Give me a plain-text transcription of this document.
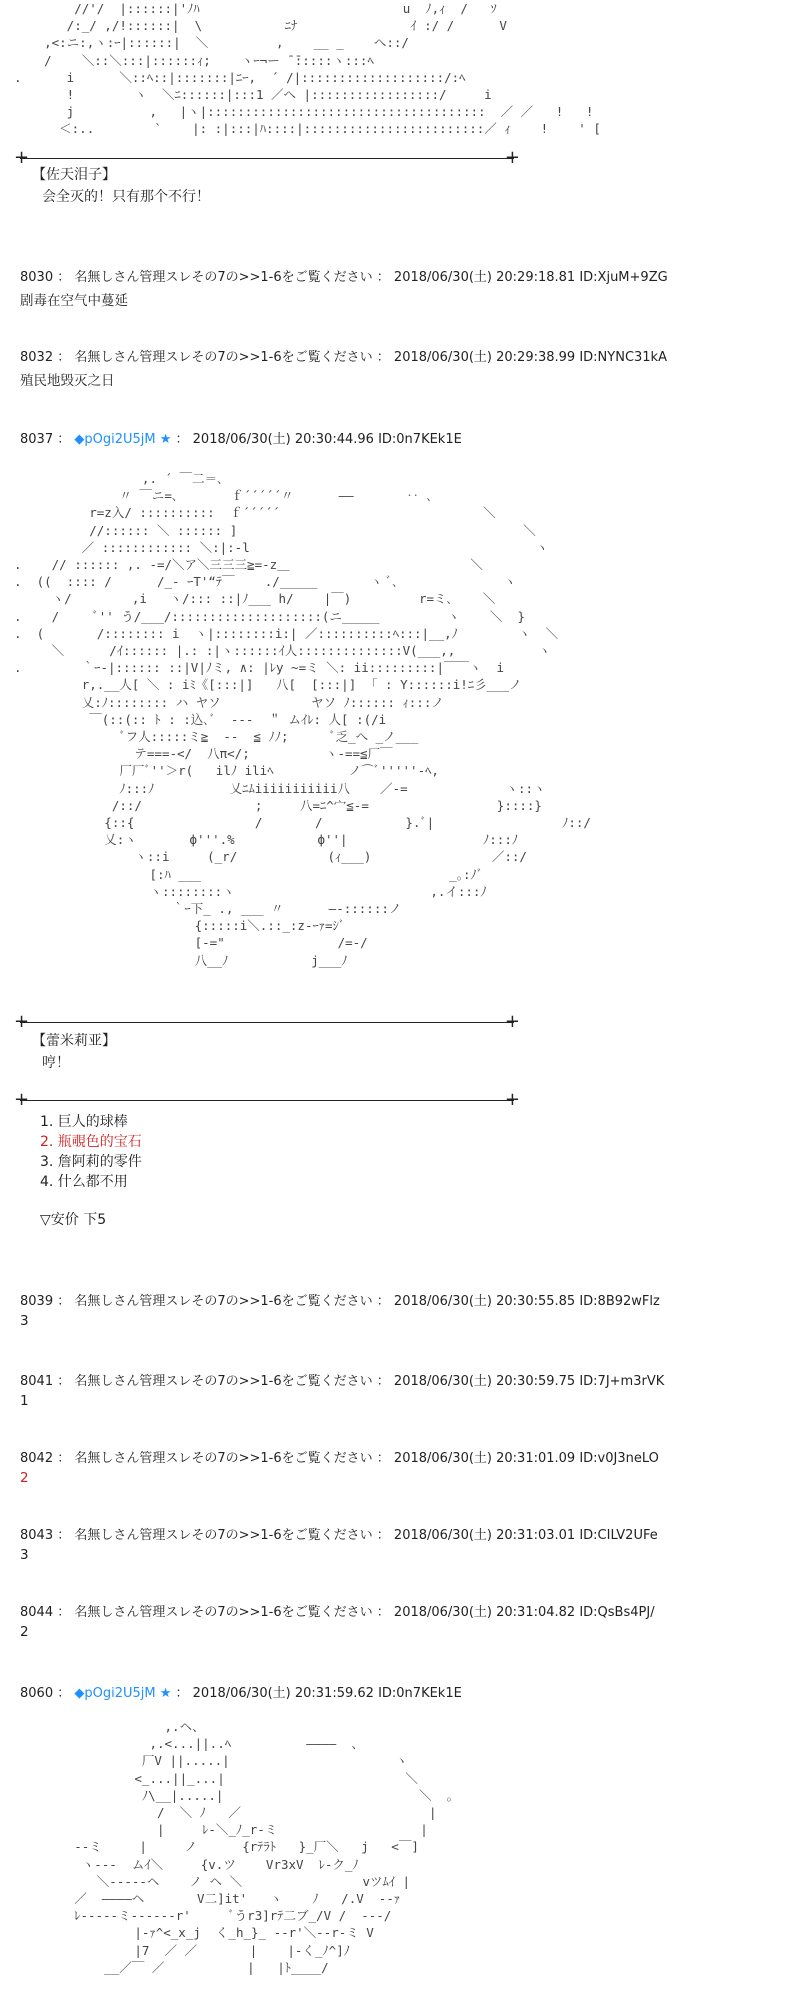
//'/  |::::::|'ﾉﾊ                           u  ﾉ,ｨ  /   ｿ
/:_/ ,/!::::::|  \           ﾆﾅ               ｲ :/ /      V
,<:ニ:,ヽ:ｰ|::::::|  ＼         ,    __ _    へ::/
/    ＼::＼:::|::::::ｨ;    ヽｰ¬ー ̄ ̄:::::ヽ:::ﾍ
.      i      ＼::ﾍ::|:::::::|ﾆｰ,  ´ /|:::::::::::::::::::/:ﾍ
!        ヽ  ＼ﾆ::::::|:::1 ／へ |:::::::::::::::::/     i
j          ,   |ヽ|:::::::::::::::::::::::::::::::::::::  ／ ／   !   !
＜:..        `    |: :|:::|ﾊ::::|::::::::::::::::::::::::／ ｨ    !    ' [
+ +
【佐天泪子】
会全灭的！只有那个不行！
8030 ： 名無しさん管理スレその7の>>1-6をご覧ください ： 2018/06/30(土) 20:29:18.81 ID:XjuM+9ZG
剧毒在空气中蔓延
8032 ： 名無しさん管理スレその7の>>1-6をご覧ください ： 2018/06/30(土) 20:29:38.99 ID:NYNC31kA
殖民地毁灭之日
8037 ： ◆pOgi2U5jM ★ ： 2018/06/30(土) 20:30:44.96 ID:0n7KEk1E
,. ´ ￣二＝､
〃 ￣ニ=､       ｆ´´´´´〃      ――       ‥ ､
r=z入/ ::::::::::  ｆ´´´´´                           ＼
//:::::: ＼ :::::: ]                                      ＼
／ :::::::::::: ＼:|:‐l                                      ヽ
.    // :::::: ,. ‐=/＼ア＼三三三≧=-z＿                        ＼
.  ((  :::: /      /_‐ ｰT'“ﾃ￣    ./_____       ヽ ﾞ､              ヽ
ヽ/        ,i   ヽ/::: ::|ﾉ___ h/    |￣)         r=ミ､    ＼
.    /     ﾞ'' う/___/::::::::::::::::::::(ニ_____         ヽ    ＼  }
.  (       /:::::::: i  ヽ|::::::::i:| ／::::::::::ﾍ:::|__,ﾉ        ヽ  ＼
＼      /ｲ:::::: |.: :|ヽ::::::ｲ人::::::::::::::V(___,,           ヽ
.        ｀ｰ‐|:::::: ::|V|ﾉミ, ∧: |ﾚy ~=ミ ＼: ii:::::::::|￣￣ヽ  i
r,.__人[ ＼ : iﾐ《[:::|]   八[  [:::|]  ｢ : Y::::::i!ﾆ彡___ノ
乂:ﾉ:::::::: ハ ヤソ            ヤソ ﾉ:::::: ｨ:::ノ
￣(::(:: ﾄ : :込､ﾞ  ‐‐‐  ＂ ムｲﾚ: 人[ :(/i
ﾞフ人:::::ミ≧  ‐‐  ≦ ﾉﾉ;      ﾞ乏_へ _ノ___
テ===-</  八π</;          ヽ‐==≦厂￣
厂厂ﾞ''＞r(   ilﾉ iliﾍ          ノ⌒ﾞ'''''‐ﾍ,
ﾉ:::ﾉ          乂ﾆﾑiiiiiiiiiii八    ／‐=             ヽ::ヽ
/::/               ;     八=ﾆ^宀≦‐=                 }::::}
{::{                /       /           }.ﾞ|                 ﾉ::/
乂:ヽ       ф'''.%           ф''|                  ﾉ:::ﾉ
ヽ::i     (_r/            (ｨ___)                ／::/
[:ﾊ ___                                 _｡:ﾉﾞ
ヽ::::::::ヽ                          ,.イ:::ﾉ
｀ｰ下_ ., ___ 〃      ―‐::::::ノ
{:::::i＼.::_:z‐ｰｧ=ｼﾞ
[‐="               /=-/
八__ﾉ           j___ﾉ
+ +
【蕾米莉亚】
哼！
+ +
1. 巨人的球棒
2. 瓶覗色的宝石
3. 詹阿莉的零件
4. 什么都不用
▽安价 下5
8039 ： 名無しさん管理スレその7の>>1-6をご覧ください ： 2018/06/30(土) 20:30:55.85 ID:8B92wFlz
3
8041 ： 名無しさん管理スレその7の>>1-6をご覧ください ： 2018/06/30(土) 20:30:59.75 ID:7J+m3rVK
1
8042 ： 名無しさん管理スレその7の>>1-6をご覧ください ： 2018/06/30(土) 20:31:01.09 ID:v0J3neLO
2
8043 ： 名無しさん管理スレその7の>>1-6をご覧ください ： 2018/06/30(土) 20:31:03.01 ID:CILV2UFe
3
8044 ： 名無しさん管理スレその7の>>1-6をご覧ください ： 2018/06/30(土) 20:31:04.82 ID:QsBs4PJ/
2
8060 ： ◆pOgi2U5jM ★ ： 2018/06/30(土) 20:31:59.62 ID:0n7KEk1E
,.ヘ、
,.<...||..ﾍ          ――――  、
厂V ||.....|                      ヽ
<_...||_...|                        ＼
ﾉ\__|.....|                          ＼  。
/  ＼ ﾉ   ／                         |
|     ﾚ‐＼_ﾉ_r‐ミ                   |
‐‐ミ     |     ノ      {rﾃﾗﾄ   }_厂＼   j   <￣]
ヽ‐‐‐  ムｲ＼     {v.ツ    Vr3xV  ﾚ‐ク_ﾉ
＼-----ヘ    ノ ヘ ＼                vツﾑｲ |
／  ――――ヘ       V二]it'   ヽ    ﾉ   /.V  ‐‐ｧ
ﾚ‐‐‐‐‐ミ‐‐‐‐‐‐r'     ﾞうr3]rﾃ二ブ_/V /  ‐‐‐/
|‐ｧ^<_x_j  く_h_}_ ‐‐r'＼‐‐r‐ミ V
|7  ／ ／       |    |‐く_ﾉ^]ﾉ
__／￣ ／           |   |ﾄ____/
